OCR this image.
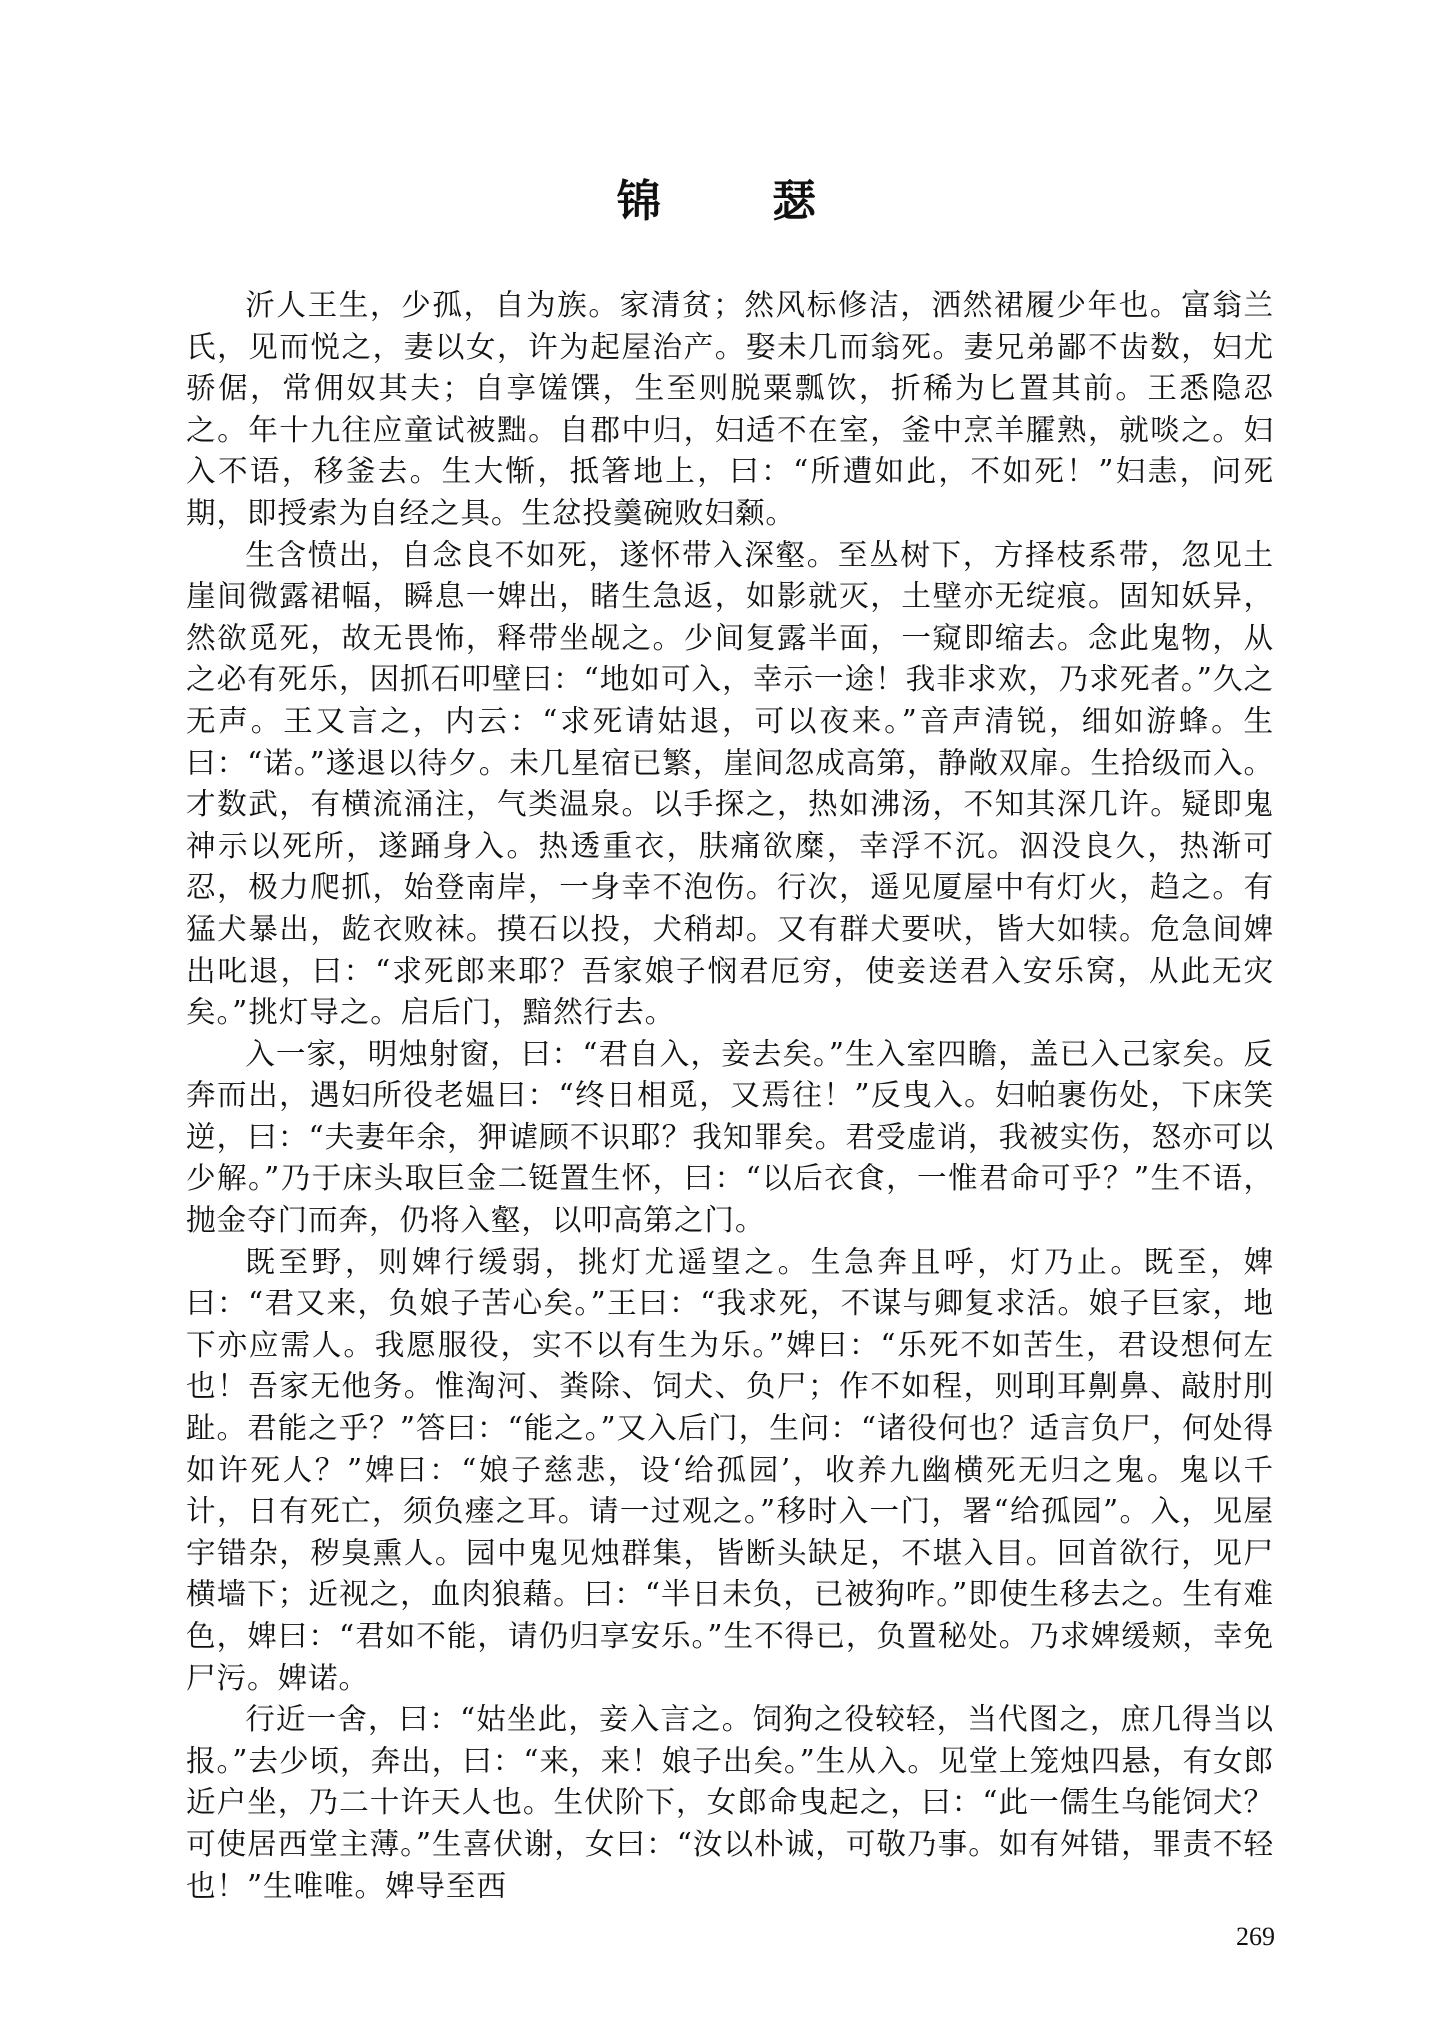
锦 瑟

沂人王生，少孤，自为族。家清贫；然风标修洁，洒然裙履少年也。富翁兰氏，见而悦之，妻以女，许为起屋治产。娶未几而翁死。妻兄弟鄙不齿数，妇尤骄倨，常佣奴其夫；自享馐馔，生至则脱粟瓢饮，折稀为匕置其前。王悉隐忍之。年十九往应童试被黜。自郡中归，妇适不在室，釜中烹羊臛熟，就啖之。妇入不语，移釜去。生大惭，抵箸地上，曰：“所遭如此，不如死！”妇恚，问死期，即授索为自经之具。生忿投羹碗败妇颡。

生含愤出，自念良不如死，遂怀带入深壑。至丛树下，方择枝系带，忽见土崖间微露裙幅，瞬息一婢出，睹生急返，如影就灭，土壁亦无绽痕。固知妖异，然欲觅死，故无畏怖，释带坐觇之。少间复露半面，一窥即缩去。念此鬼物，从之必有死乐，因抓石叩壁曰：“地如可入，幸示一途！我非求欢，乃求死者。”久之无声。王又言之，内云：“求死请姑退，可以夜来。”音声清锐，细如游蜂。生曰：“诺。”遂退以待夕。未几星宿已繁，崖间忽成高第，静敞双扉。生拾级而入。才数武，有横流涌注，气类温泉。以手探之，热如沸汤，不知其深几许。疑即鬼神示以死所，遂踊身入。热透重衣，肤痛欲糜，幸浮不沉。泅没良久，热渐可忍，极力爬抓，始登南岸，一身幸不泡伤。行次，遥见厦屋中有灯火，趋之。有猛犬暴出，龁衣败袜。摸石以投，犬稍却。又有群犬要吠，皆大如犊。危急间婢出叱退，曰：“求死郎来耶？吾家娘子悯君厄穷，使妾送君入安乐窝，从此无灾矣。”挑灯导之。启后门，黯然行去。

入一家，明烛射窗，曰：“君自入，妾去矣。”生入室四瞻，盖已入己家矣。反奔而出，遇妇所役老媪曰：“终日相觅，又焉往！”反曳入。妇帕裹伤处，下床笑逆，曰：“夫妻年余，狎谑顾不识耶？我知罪矣。君受虚诮，我被实伤，怒亦可以少解。”乃于床头取巨金二铤置生怀，曰：“以后衣食，一惟君命可乎？”生不语，抛金夺门而奔，仍将入壑，以叩高第之门。

既至野，则婢行缓弱，挑灯尤遥望之。生急奔且呼，灯乃止。既至，婢曰：“君又来，负娘子苦心矣。”王曰：“我求死，不谋与卿复求活。娘子巨家，地下亦应需人。我愿服役，实不以有生为乐。”婢曰：“乐死不如苦生，君设想何左也！吾家无他务。惟淘河、粪除、饲犬、负尸；作不如程，则刵耳劓鼻、敲肘刖趾。君能之乎？”答曰：“能之。”又入后门，生问：“诸役何也？适言负尸，何处得如许死人？”婢曰：“娘子慈悲，设‘给孤园’，收养九幽横死无归之鬼。鬼以千计，日有死亡，须负瘗之耳。请一过观之。”移时入一门，署“给孤园”。入，见屋宇错杂，秽臭熏人。园中鬼见烛群集，皆断头缺足，不堪入目。回首欲行，见尸横墙下；近视之，血肉狼藉。曰：“半日未负，已被狗咋。”即使生移去之。生有难色，婢曰：“君如不能，请仍归享安乐。”生不得已，负置秘处。乃求婢缓颊，幸免尸污。婢诺。

行近一舍，曰：“姑坐此，妾入言之。饲狗之役较轻，当代图之，庶几得当以报。”去少顷，奔出，曰：“来，来！娘子出矣。”生从入。见堂上笼烛四悬，有女郎近户坐，乃二十许天人也。生伏阶下，女郎命曳起之，曰：“此一儒生乌能饲犬？可使居西堂主薄。”生喜伏谢，女曰：“汝以朴诚，可敬乃事。如有舛错，罪责不轻也！”生唯唯。婢导至西

269
